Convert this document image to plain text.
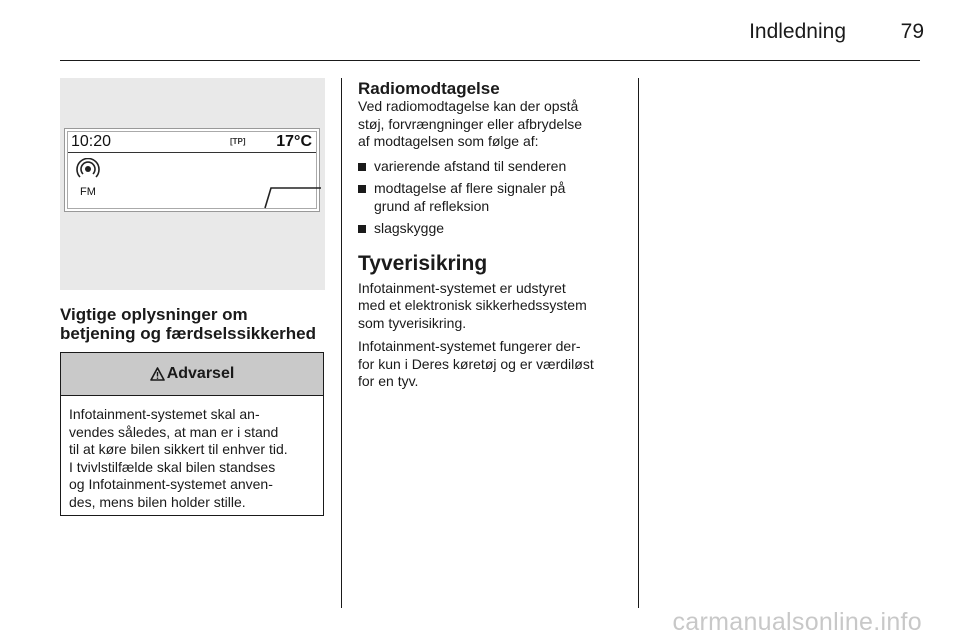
Indledning	79
10:20	[TP] 17°C
FM
Vigtige oplysninger om
betjening og færdselssikkerhed
Advarsel
Infotainment-systemet skal an-
vendes således, at man er i stand
til at køre bilen sikkert til enhver tid.
I tvivlstilfælde skal bilen standses
og Infotainment-systemet anven-
des, mens bilen holder stille.
Radiomodtagelse

Ved radiomodtagelse kan der opstå

støj, forvrængninger eller afbrydelse

af modtagelsen som følge af:

varierende afstand til senderen
modtagelse af flere signaler på
grund af refleksion
slagskygge
Tyverisikring

Infotainment-systemet er udstyret

med et elektronisk sikkerhedssystem

som tyverisikring.

Infotainment-systemet fungerer der-

for kun i Deres køretøj og er værdiløst

for en tyv.

carmanualsonline.info
